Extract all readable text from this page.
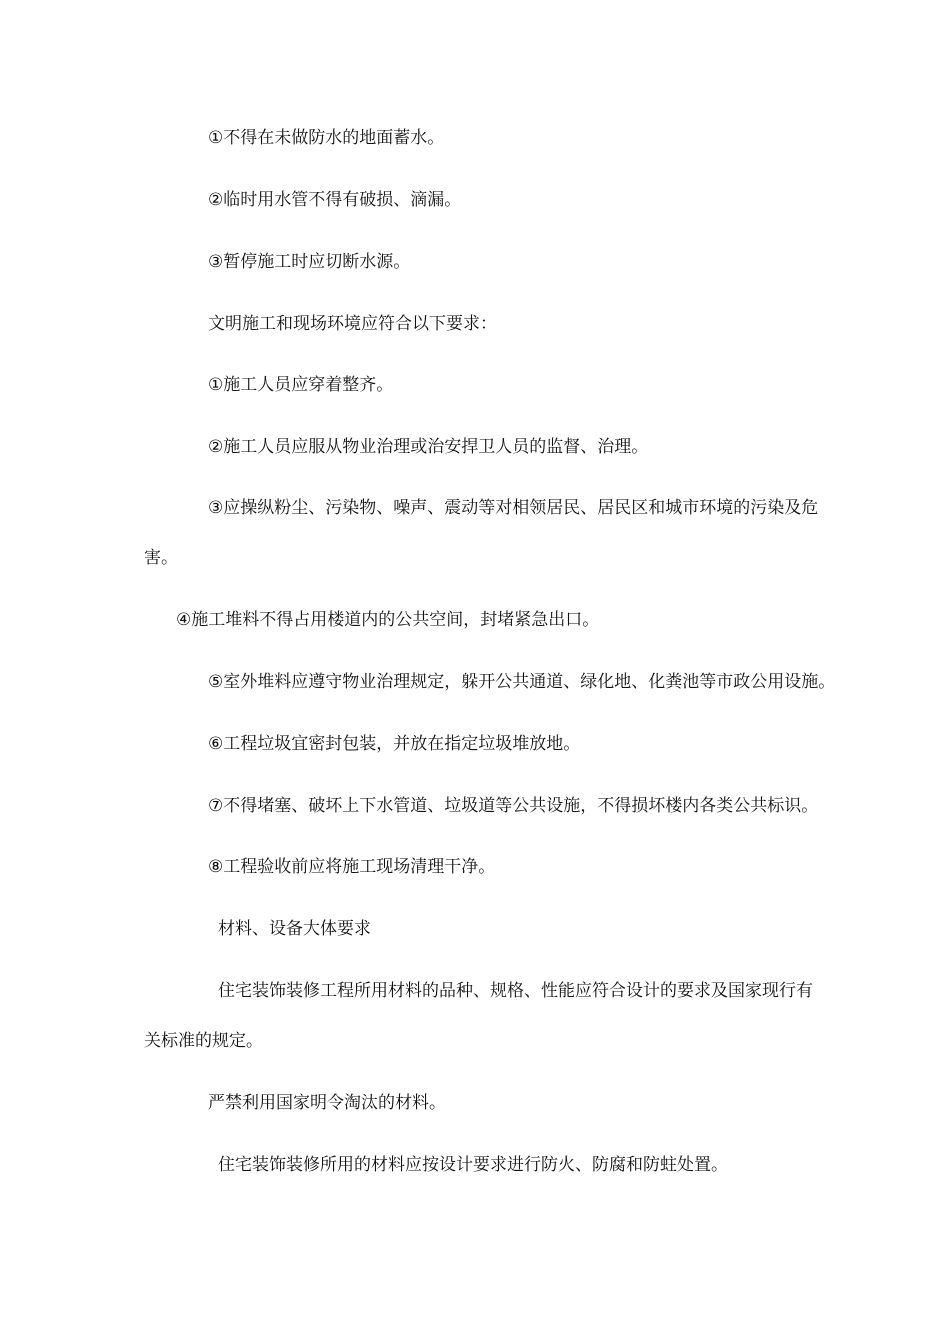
①不得在未做防水的地面蓄水。
②临时用水管不得有破损、滴漏。
③暂停施工时应切断水源。
文明施工和现场环境应符合以下要求：
①施工人员应穿着整齐。
②施工人员应服从物业治理或治安捍卫人员的监督、治理。
③应操纵粉尘、污染物、噪声、震动等对相领居民、居民区和城市环境的污染及危
害。
④施工堆料不得占用楼道内的公共空间，封堵紧急出口。
⑤室外堆料应遵守物业治理规定，躲开公共通道、绿化地、化粪池等市政公用设施。
⑥工程垃圾宜密封包装，并放在指定垃圾堆放地。
⑦不得堵塞、破坏上下水管道、垃圾道等公共设施，不得损坏楼内各类公共标识。
⑧工程验收前应将施工现场清理干净。
材料、设备大体要求
住宅装饰装修工程所用材料的品种、规格、性能应符合设计的要求及国家现行有
关标准的规定。
严禁利用国家明令淘汰的材料。
住宅装饰装修所用的材料应按设计要求进行防火、防腐和防蛀处置。
